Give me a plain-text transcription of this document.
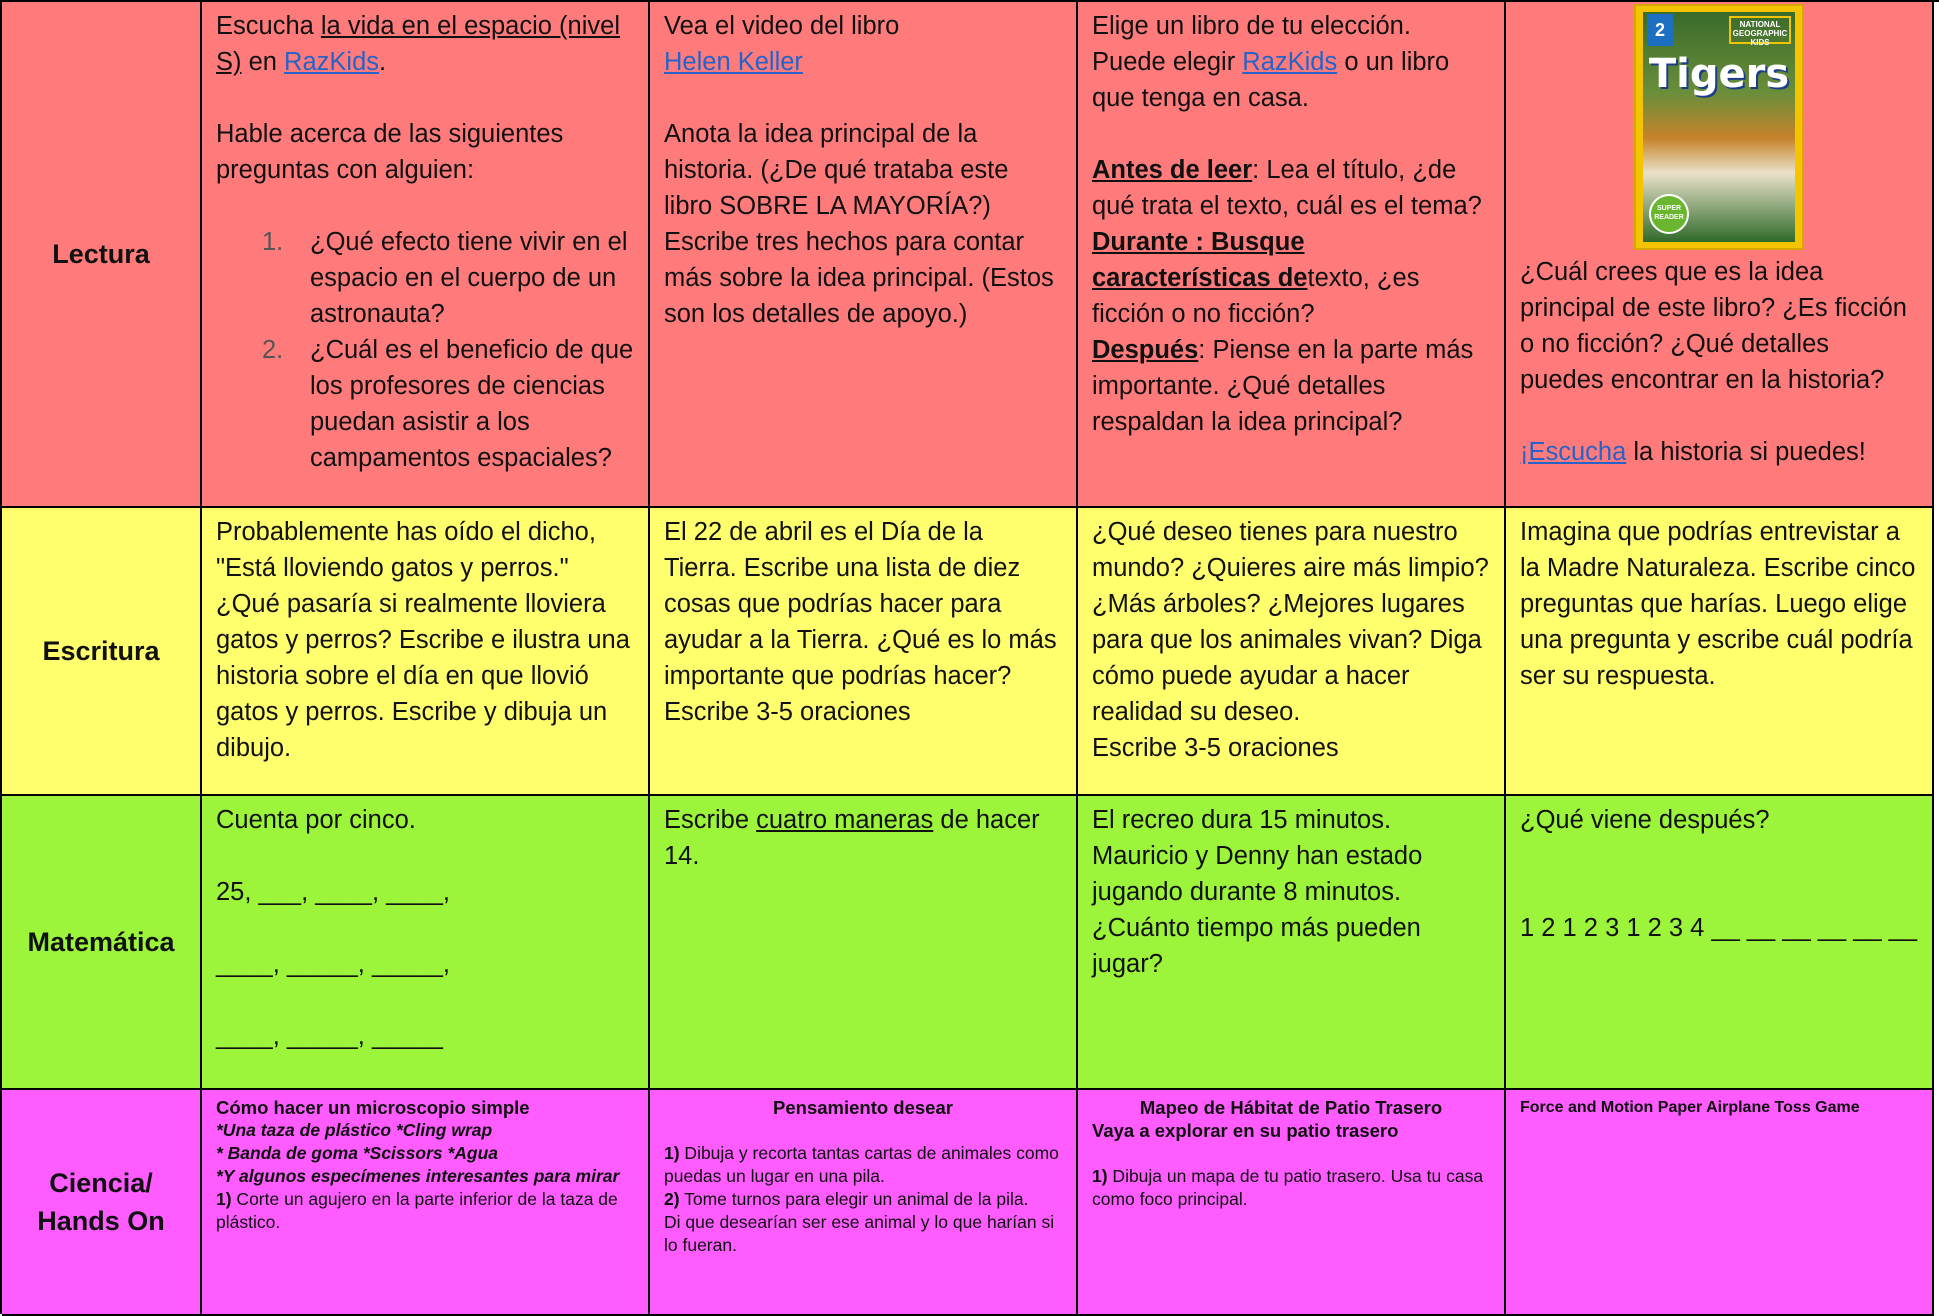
Lectura

Escucha la vida en el espacio (nivel S) en RazKids.

Hable acerca de las siguientes preguntas con alguien:

1. ¿Qué efecto tiene vivir en el espacio en el cuerpo de un astronauta?
2. ¿Cuál es el beneficio de que los profesores de ciencias puedan asistir a los campamentos espaciales?

Vea el video del libro

Helen Keller

Anota la idea principal de la historia. (¿De qué trataba este libro SOBRE LA MAYORÍA?)

Escribe tres hechos para contar más sobre la idea principal. (Estos son los detalles de apoyo.)

Elige un libro de tu elección.

Puede elegir RazKids o un libro que tenga en casa.

Antes de leer: Lea el título, ¿de qué trata el texto, cuál es el tema?

Durante : Busque características detexto, ¿es ficción o no ficción?

Después: Piense en la parte más importante. ¿Qué detalles respaldan la idea principal?

2	NATIONAL GEOGRAPHIC KIDS
Tigers
SUPER READER

¿Cuál crees que es la idea principal de este libro? ¿Es ficción o no ficción? ¿Qué detalles puedes encontrar en la historia?

¡Escucha la historia si puedes!

Escritura

Probablemente has oído el dicho, "Está lloviendo gatos y perros." ¿Qué pasaría si realmente lloviera gatos y perros? Escribe e ilustra una historia sobre el día en que llovió gatos y perros. Escribe y dibuja un dibujo.

El 22 de abril es el Día de la Tierra. Escribe una lista de diez cosas que podrías hacer para ayudar a la Tierra. ¿Qué es lo más importante que podrías hacer?

Escribe 3-5 oraciones

¿Qué deseo tienes para nuestro mundo? ¿Quieres aire más limpio? ¿Más árboles? ¿Mejores lugares para que los animales vivan? Diga cómo puede ayudar a hacer realidad su deseo.

Escribe 3-5 oraciones

Imagina que podrías entrevistar a la Madre Naturaleza. Escribe cinco preguntas que harías. Luego elige una pregunta y escribe cuál podría ser su respuesta.

Matemática

Cuenta por cinco.

25, ___, ____, ____,

____, _____, _____,

____, _____, _____

Escribe cuatro maneras de hacer 14.

El recreo dura 15 minutos. Mauricio y Denny han estado jugando durante 8 minutos. ¿Cuánto tiempo más pueden jugar?

¿Qué viene después?

1 2 1 2 3 1 2 3 4 __ __ __ __ __ __

Ciencia/
Hands On

Cómo hacer un microscopio simple

*Una taza de plástico *Cling wrap

* Banda de goma *Scissors *Agua

*Y algunos especímenes interesantes para mirar

1) Corte un agujero en la parte inferior de la taza de plástico.

Pensamiento desear

1) Dibuja y recorta tantas cartas de animales como puedas un lugar en una pila.

2) Tome turnos para elegir un animal de la pila.

Di que desearían ser ese animal y lo que harían si lo fueran.

Mapeo de Hábitat de Patio Trasero

Vaya a explorar en su patio trasero

1) Dibuja un mapa de tu patio trasero. Usa tu casa como foco principal.

Force and Motion Paper Airplane Toss Game
